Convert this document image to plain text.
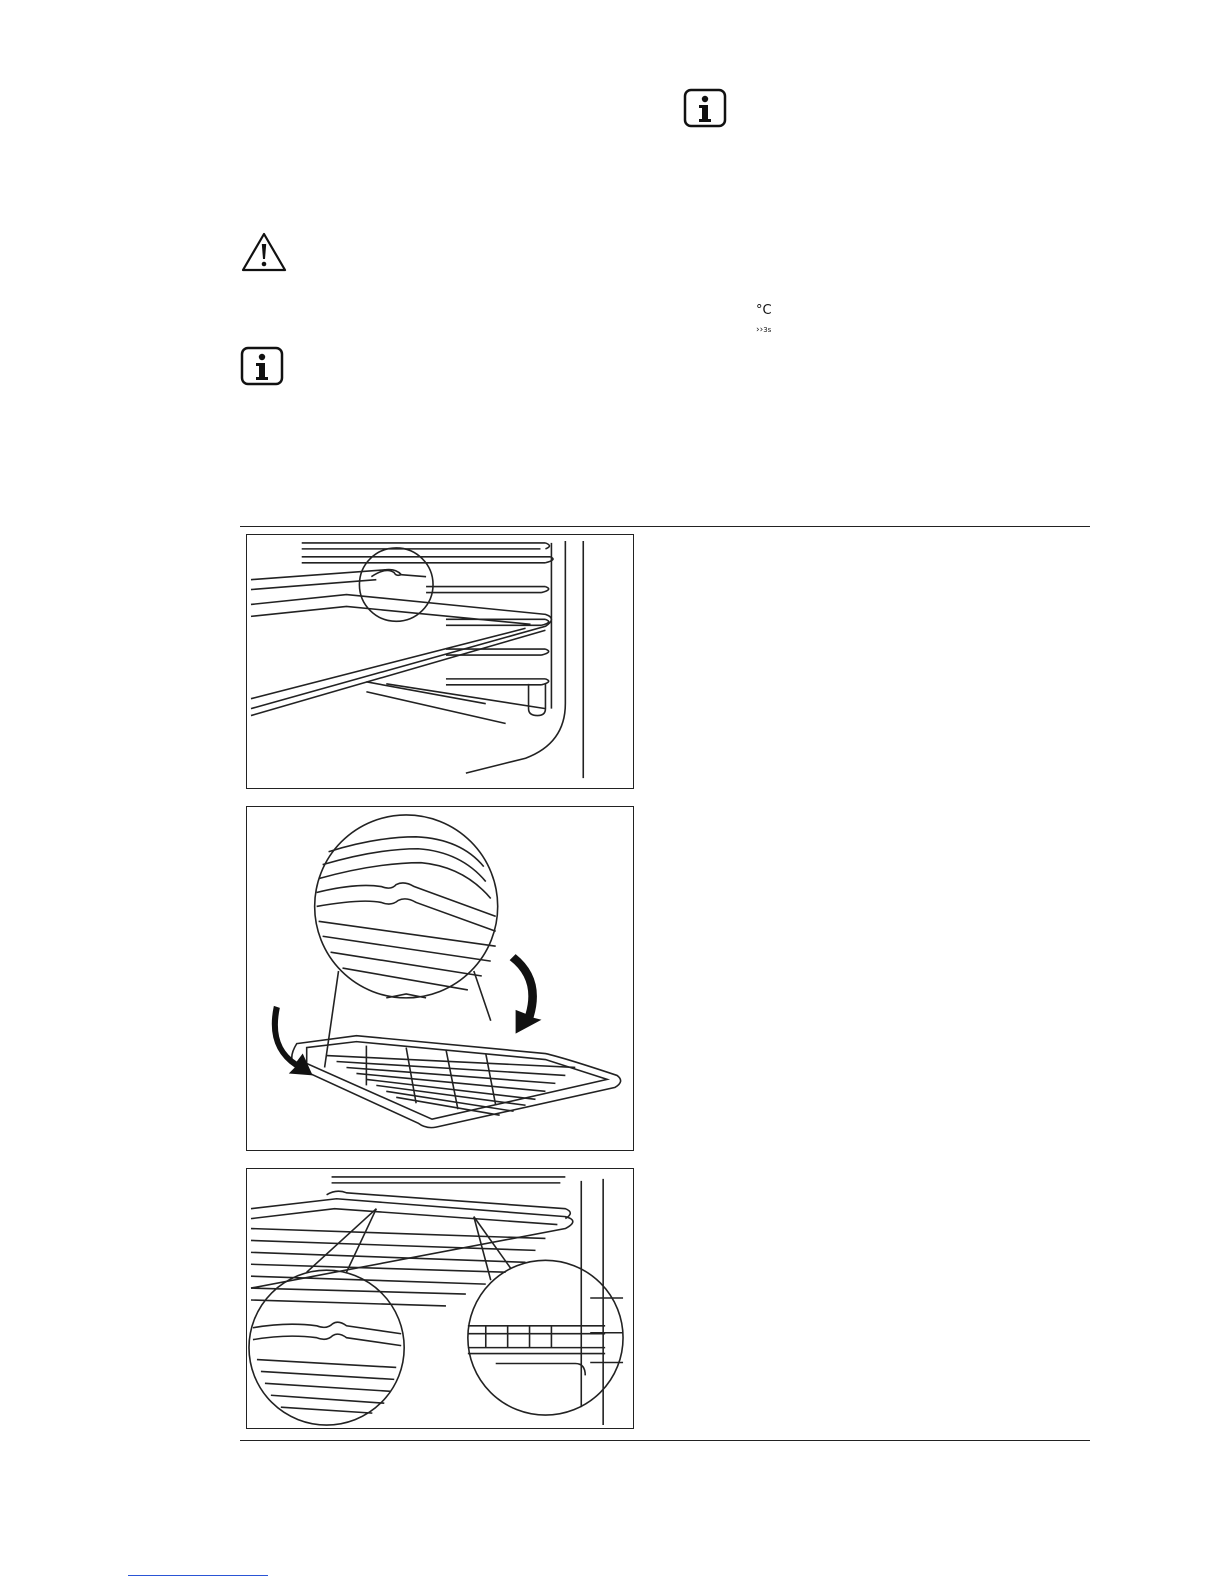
°C
››3s
